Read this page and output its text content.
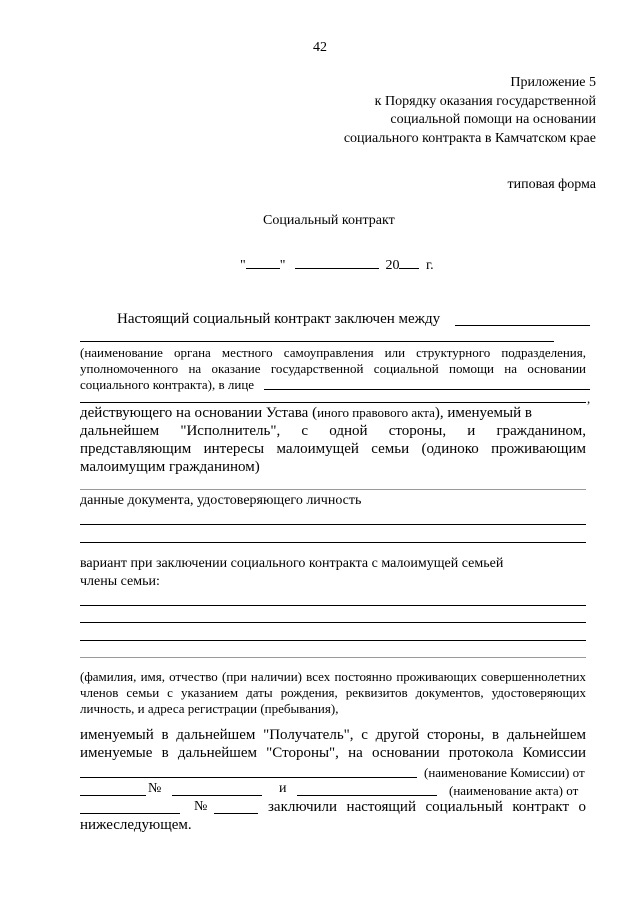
42
Приложение 5
к Порядку оказания государственной
социальной помощи на основании
социального контракта в Камчатском крае
типовая форма
Социальный контракт
" "	20 г.
Настоящий социальный контракт заключен между
(наименование органа местного самоуправления или структурного подразделения,
уполномоченного на оказание государственной социальной помощи на основании
социального контракта), в лице
,
действующего на основании Устава (иного правового акта), именуемый в
дальнейшем "Исполнитель", с одной стороны, и гражданином,
представляющим интересы малоимущей семьи (одиноко проживающим
малоимущим гражданином)
данные документа, удостоверяющего личность
вариант при заключении социального контракта с малоимущей семьей
члены семьи:
(фамилия, имя, отчество (при наличии) всех постоянно проживающих совершеннолетних
членов семьи с указанием даты рождения, реквизитов документов, удостоверяющих
личность, и адреса регистрации (пребывания),
именуемый в дальнейшем "Получатель", с другой стороны, в дальнейшем
именуемые в дальнейшем "Стороны", на основании протокола Комиссии
(наименование Комиссии) от
№	и	(наименование акта) от
№	заключили настоящий социальный контракт о
нижеследующем.
